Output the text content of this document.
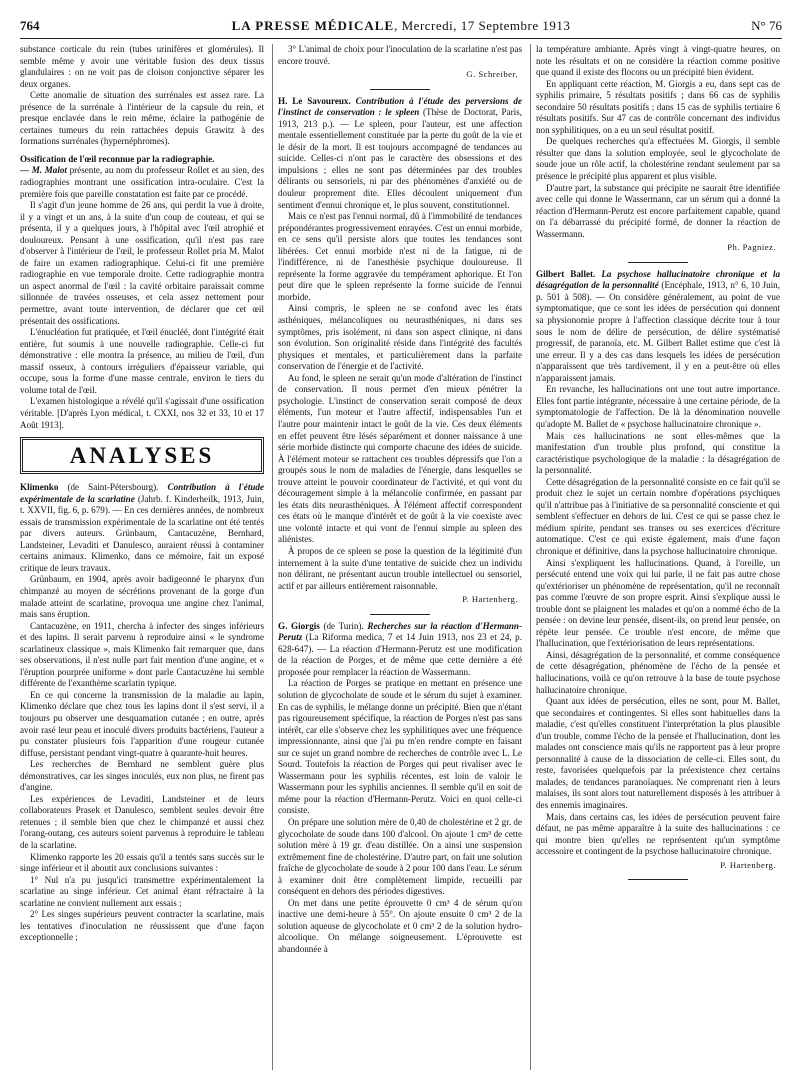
764	LA PRESSE MÉDICALE, Mercredi, 17 Septembre 1913	N° 76

substance corticale du rein (tubes urinifères et glomérules). Il semble même y avoir une véritable fusion des deux tissus glandulaires : on ne voit pas de cloison conjonctive séparer les deux organes.

Cette anomalie de situation des surrénales est assez rare. La présence de la surrénale à l'intérieur de la capsule du rein, et presque enclavée dans le rein même, éclaire la pathogénie de certaines tumeurs du rein rattachées depuis Grawitz à des formations surrénales (hypernéphromes).

Ossification de l'œil reconnue par la radiographie.

— M. Malot présente, au nom du professeur Rollet et au sien, des radiographies montrant une ossification intra-oculaire. C'est la première fois que pareille constatation est faite par ce procédé.

Il s'agit d'un jeune homme de 26 ans, qui perdit la vue à droite, il y a vingt et un ans, à la suite d'un coup de couteau, et qui se présenta, il y a quelques jours, à l'hôpital avec l'œil atrophié et douloureux. Pensant à une ossification, qu'il n'est pas rare d'observer à l'intérieur de l'œil, le professeur Rollet pria M. Malot de faire un examen radiographique. Celui-ci fit une première radiographie en vue temporale droite. Cette radiographie montra un aspect anormal de l'œil : la cavité orbitaire paraissait comme sillonnée de travées osseuses, et cela assez nettement pour permettre, avant toute intervention, de déclarer que cet œil présentait des ossifications.

L'énucléation fut pratiquée, et l'œil énucléé, dont l'intégrité était entière, fut soumis à une nouvelle radiographie. Celle-ci fut démonstrative : elle montra la présence, au milieu de l'œil, d'un massif osseux, à contours irréguliers d'épaisseur variable, qui occupe, sous la forme d'une masse centrale, environ le tiers du volume total de l'œil.

L'examen histologique a révélé qu'il s'agissait d'une ossification véritable. [D'après Lyon médical, t. CXXI, nos 32 et 33, 10 et 17 Août 1913].

ANALYSES

Klimenko (de Saint-Pétersbourg). Contribution à l'étude expérimentale de la scarlatine (Jahrb. f. Kinderheilk, 1913, Juin, t. XXVII, fig. 6, p. 679). — En ces dernières années, de nombreux essais de transmission expérimentale de la scarlatine ont été tentés par divers auteurs. Grünbaum, Cantacuzène, Bernhard, Landsteiner, Levaditi et Danulesco, auraient réussi à contaminer certains animaux. Klimenko, dans ce mémoire, fait un exposé critique de leurs travaux.

Grünbaum, en 1904, après avoir badigeonné le pharynx d'un chimpanzé au moyen de sécrétions provenant de la gorge d'un malade atteint de scarlatine, provoqua une angine chez l'animal, mais sans éruption.

Cantacuzène, en 1911, chercha à infecter des singes inférieurs et des lapins. Il serait parvenu à reproduire ainsi « le syndrome scarlatineux classique », mais Klimenko fait remarquer que, dans ses observations, il n'est nulle part fait mention d'une angine, et « l'éruption pourprée uniforme » dont parle Cantacuzène lui semble différente de l'exanthème scarlatin typique.

En ce qui concerne la transmission de la maladie au lapin, Klimenko déclare que chez tous les lapins dont il s'est servi, il a toujours pu observer une desquamation cutanée ; en outre, après avoir rasé leur peau et inoculé divers produits bactériens, l'auteur a pu constater plusieurs fois l'apparition d'une rougeur cutanée diffuse, persistant pendant vingt-quatre à quarante-huit heures.

Les recherches de Bernhard ne semblent guère plus démonstratives, car les singes inoculés, eux non plus, ne firent pas d'angine.

Les expériences de Levaditi, Landsteiner et de leurs collaborateurs Prasek et Danulesco, semblent seules devoir être retenues ; il semble bien que chez le chimpanzé et aussi chez l'orang-outang, ces auteurs soient parvenus à reproduire le tableau de la scarlatine.

Klimenko rapporte les 20 essais qu'il a tentés sans succès sur le singe inférieur et il aboutit aux conclusions suivantes :

1° Nul n'a pu jusqu'ici transmettre expérimentalement la scarlatine au singe inférieur. Cet animal étant réfractaire à la scarlatine ne convient nullement aux essais ;

2° Les singes supérieurs peuvent contracter la scarlatine, mais les tentatives d'inoculation ne réussissent que d'une façon exceptionnelle ;

3° L'animal de choix pour l'inoculation de la scarlatine n'est pas encore trouvé.

G. Schreiber.

H. Le Savoureux. Contribution à l'étude des perversions de l'instinct de conservation : le spleen (Thèse de Doctorat, Paris, 1913, 213 p.). — Le spleen, pour l'auteur, est une affection mentale essentiellement constituée par la perte du goût de la vie et le désir de la mort. Il est toujours accompagné de tendances au suicide. Celles-ci n'ont pas le caractère des obsessions et des impulsions ; elles ne sont pas déterminées par des troubles délirants ou sensoriels, ni par des phénomènes d'anxiété ou de douleur proprement dite. Elles découlent uniquement d'un sentiment d'ennui chronique et, le plus souvent, constitutionnel.

Mais ce n'est pas l'ennui normal, dû à l'immobilité de tendances prépondérantes progressivement enrayées. C'est un ennui morbide, en ce sens qu'il persiste alors que toutes les tendances sont libérées. Cet ennui morbide n'est ni de la fatigue, ni de l'indifférence, ni de l'anesthésie psychique douloureuse. Il représente la forme aggravée du tempérament aphorique. Et l'on peut dire que le spleen représente la forme suicide de l'ennui morbide.

Ainsi compris, le spleen ne se confond avec les états asthéniques, mélancoliques ou neurasthéniques, ni dans ses symptômes, pris isolément, ni dans son aspect clinique, ni dans son évolution. Son originalité réside dans l'intégrité des facultés physiques et mentales, et particulièrement dans la parfaite conservation de l'énergie et de l'activité.

Au fond, le spleen ne serait qu'un mode d'altération de l'instinct de conservation. Il nous permet d'en mieux pénétrer la psychologie. L'instinct de conservation serait composé de deux éléments, l'un moteur et l'autre affectif, indispensables l'un et l'autre pour maintenir intact le goût de la vie. Ces deux éléments en effet peuvent être lésés séparément et donner naissance à une série morbide distincte qui comporte chacune des idées de suicide. À l'élément moteur se rattachent ces troubles dépressifs que l'on a groupés sous le nom de maladies de l'énergie, dans lesquelles se trouve atteint le pouvoir coordinateur de l'activité, et qui vont du découragement simple à la mélancolie confirmée, en passant par les états dits neurasthéniques. À l'élément affectif correspondent ces états où le manque d'intérêt et de goût à la vie coexiste avec une volonté intacte et qui vont de l'ennui simple au spleen des aliénistes.

À propos de ce spleen se pose la question de la légitimité d'un internement à la suite d'une tentative de suicide chez un individu non délirant, ne présentant aucun trouble intellectuel ou sensoriel, actif et par ailleurs entièrement raisonnable.

P. Hartenberg.

G. Giorgis (de Turin). Recherches sur la réaction d'Hermann-Perutz (La Riforma medica, 7 et 14 Juin 1913, nos 23 et 24, p. 628-647). — La réaction d'Hermann-Perutz est une modification de la réaction de Porges, et de même que cette dernière a été proposée pour remplacer la réaction de Wassermann.

La réaction de Porges se pratique en mettant en présence une solution de glycocholate de soude et le sérum du sujet à examiner. En cas de syphilis, le mélange donne un précipité. Bien que n'étant pas rigoureusement spécifique, la réaction de Porges n'est pas sans intérêt, car elle s'observe chez les syphilitiques avec une fréquence impressionnante, ainsi que j'ai pu m'en rendre compte en faisant sur ce sujet un grand nombre de recherches de contrôle avec L. Le Sourd. Toutefois la réaction de Porges qui peut rivaliser avec le Wassermann pour les syphilis récentes, est loin de valoir le Wassermann pour les syphilis anciennes. Il semble qu'il en soit de même pour la réaction d'Hermann-Perutz. Voici en quoi celle-ci consiste.

On prépare une solution mère de 0,40 de cholestérine et 2 gr. de glycocholate de soude dans 100 d'alcool. On ajoute 1 cm³ de cette solution mère à 19 gr. d'eau distillée. On a ainsi une suspension extrêmement fine de cholestérine. D'autre part, on fait une solution fraîche de glycocholate de soude à 2 pour 100 dans l'eau. Le sérum à examiner doit être complètement limpide, recueilli par conséquent en dehors des périodes digestives.

On met dans une petite éprouvette 0 cm³ 4 de sérum qu'on inactive une demi-heure à 55°. On ajoute ensuite 0 cm³ 2 de la solution aqueuse de glycocholate et 0 cm³ 2 de la solution hydro-alcoolique. On mélange soigneusement. L'éprouvette est abandonnée à

la température ambiante. Après vingt à vingt-quatre heures, on note les résultats et on ne considère la réaction comme positive que quand il existe des flocons ou un précipité bien évident.

En appliquant cette réaction, M. Giorgis a eu, dans sept cas de syphilis primaire, 5 résultats positifs ; dans 66 cas de syphilis secondaire 50 résultats positifs ; dans 15 cas de syphilis tertiaire 6 résultats positifs. Sur 47 cas de contrôle concernant des individus non syphilitiques, on a eu un seul résultat positif.

De quelques recherches qu'a effectuées M. Giorgis, il semble résulter que dans la solution employée, seul le glycocholate de soude joue un rôle actif, la cholestérine rendant seulement par sa présence le précipité plus apparent et plus visible.

D'autre part, la substance qui précipite ne saurait être identifiée avec celle qui donne le Wassermann, car un sérum qui a donné la réaction d'Hermann-Perutz est encore parfaitement capable, quand on l'a débarrassé du précipité formé, de donner la réaction de Wassermann.

Ph. Pagniez.

Gilbert Ballet. La psychose hallucinatoire chronique et la désagrégation de la personnalité (Encéphale, 1913, n° 6, 10 Juin, p. 501 à 508). — On considère généralement, au point de vue symptomatique, que ce sont les idées de persécution qui donnent sa physionomie propre à l'affection classique décrite tour à tour sous le nom de délire de persécution, de délire systématisé progressif, de paranoïa, etc. M. Gilbert Ballet estime que c'est là une erreur. Il y a des cas dans lesquels les idées de persécution n'apparaissent que très tardivement, il y en a peut-être où elles n'apparaissent jamais.

En revanche, les hallucinations ont une tout autre importance. Elles font partie intégrante, nécessaire à une certaine période, de la symptomatologie de l'affection. De là la dénomination nouvelle qu'adopte M. Ballet de « psychose hallucinatoire chronique ».

Mais ces hallucinations ne sont elles-mêmes que la manifestation d'un trouble plus profond, qui constitue la caractéristique psychologique de la maladie : la désagrégation de la personnalité.

Cette désagrégation de la personnalité consiste en ce fait qu'il se produit chez le sujet un certain nombre d'opérations psychiques qu'il n'attribue pas à l'initiative de sa personnalité consciente et qui semblent s'effectuer en dehors de lui. C'est ce qui se passe chez le médium spirite, pendant ses transes ou ses exercices d'écriture automatique. C'est ce qui existe également, mais d'une façon chronique et définitive, dans la psychose hallucinatoire chronique.

Ainsi s'expliquent les hallucinations. Quand, à l'oreille, un persécuté entend une voix qui lui parle, il ne fait pas autre chose qu'extérioriser un phénomène de représentation, qu'il ne reconnaît pas comme l'œuvre de son propre esprit. Ainsi s'explique aussi le trouble dont se plaignent les malades et qu'on a nommé écho de la pensée : on devine leur pensée, disent-ils, on prend leur pensée, on répète leur pensée. Ce trouble n'est encore, de même que l'hallucination, que l'extériorisation de leurs représentations.

Ainsi, désagrégation de la personnalité, et comme conséquence de cette désagrégation, phénomène de l'écho de la pensée et hallucinations, voilà ce qu'on retrouve à la base de toute psychose hallucinatoire chronique.

Quant aux idées de persécution, elles ne sont, pour M. Ballet, que secondaires et contingentes. Si elles sont habituelles dans la maladie, c'est qu'elles constituent l'interprétation la plus plausible d'un trouble, comme l'écho de la pensée et l'hallucination, dont les malades ont conscience mais qu'ils ne rapportent pas à leur propre personnalité à cause de la dissociation de celle-ci. Elles sont, du reste, favorisées quelquefois par la préexistence chez certains malades, de tendances paranoïaques. Ne comprenant rien à leurs malaises, ils sont alors tout naturellement disposés à les attribuer à des ennemis imaginaires.

Mais, dans certains cas, les idées de persécution peuvent faire défaut, ne pas même apparaître à la suite des hallucinations : ce qui montre bien qu'elles ne représentent qu'un symptôme accessoire et contingent de la psychose hallucinatoire chronique.

P. Hartenberg.
